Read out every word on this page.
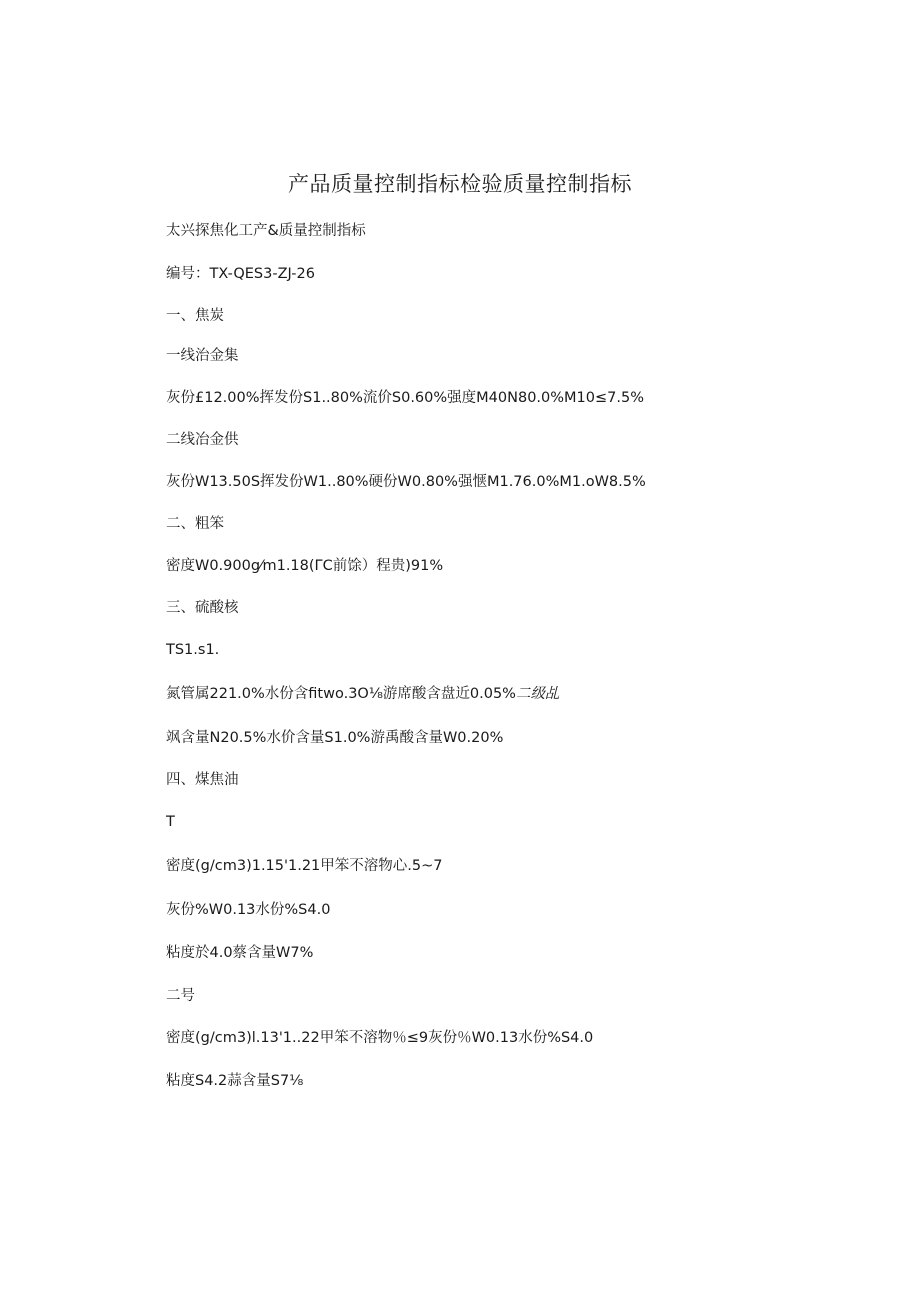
产品质量控制指标检验质量控制指标

太兴探焦化工产&质量控制指标

编号：TX-QES3-ZJ-26

一、焦炭

一线治金集

灰份£12.00%挥发份S1..80%流价S0.60%强度M40N80.0%M10≤7.5%

二线冶金供

灰份W13.50S挥发份W1..80%硬份W0.80%强惬M1.76.0%M1.oW8.5%

二、粗笨

密度W0.900g⁄m1.18(ΓC前馀）程贵)91%

三、硫酸核

TS1.s1.

氮管属221.0%水份含fitwo.3O⅛游席酸含盘近0.05%二级乩

飒含量N20.5%水价含量S1.0%游禹酸含量W0.20%

四、煤焦油

T

密度(g/cm3)1.15'1.21甲笨不溶物心.5~7

灰份%W0.13水份%S4.0

粘度於4.0蔡含量W7%

二号

密度(g/cm3)l.13'1..22甲笨不溶物％≤9灰份％W0.13水份%S4.0

粘度S4.2蒜含量S7⅛
